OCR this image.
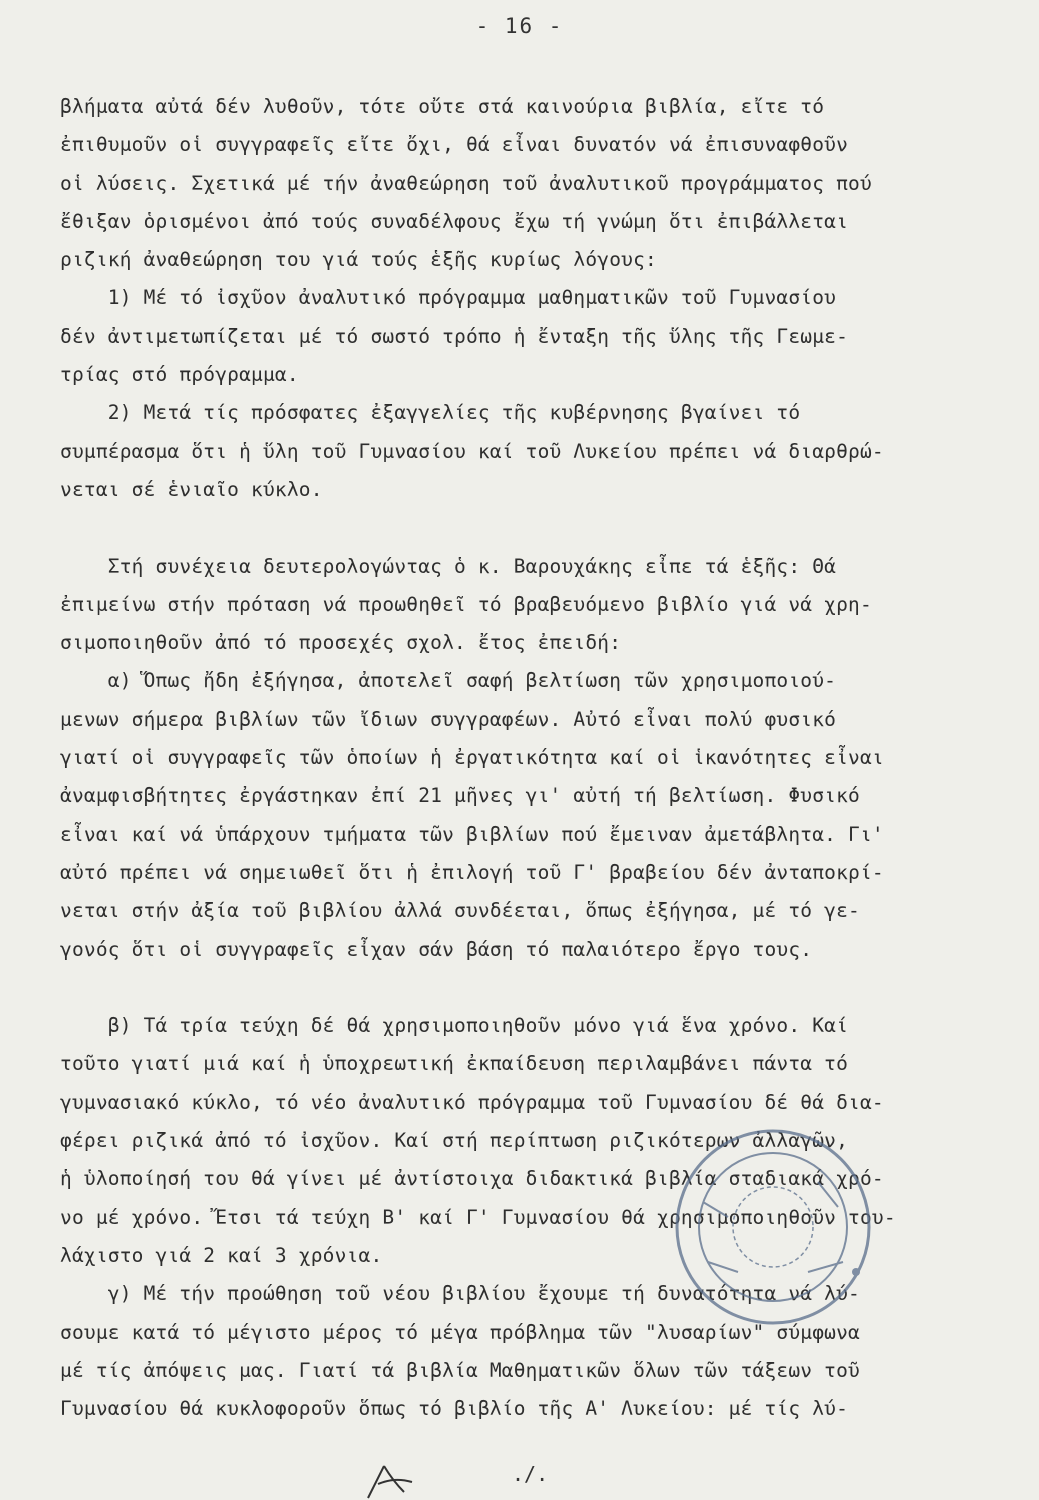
- 16 -
βλήματα αὐτά δέν λυθοῦν, τότε οὔτε στά καινούρια βιβλία, εἴτε τό
ἐπιθυμοῦν οἱ συγγραφεῖς εἴτε ὄχι, θά εἶναι δυνατόν νά ἐπισυναφθοῦν
οἱ λύσεις. Σχετικά μέ τήν ἀναθεώρηση τοῦ ἀναλυτικοῦ προγράμματος πού
ἔθιξαν ὁρισμένοι ἀπό τούς συναδέλφους ἔχω τή γνώμη ὅτι ἐπιβάλλεται
ριζική ἀναθεώρηση του γιά τούς ἑξῆς κυρίως λόγους:
1) Μέ τό ἰσχῦον ἀναλυτικό πρόγραμμα μαθηματικῶν τοῦ Γυμνασίου
δέν ἀντιμετωπίζεται μέ τό σωστό τρόπο ἡ ἔνταξη τῆς ὕλης τῆς Γεωμε-
τρίας στό πρόγραμμα.
2) Μετά τίς πρόσφατες ἐξαγγελίες τῆς κυβέρνησης βγαίνει τό
συμπέρασμα ὅτι ἡ ὕλη τοῦ Γυμνασίου καί τοῦ Λυκείου πρέπει νά διαρθρώ-
νεται σέ ἑνιαῖο κύκλο.
Στή συνέχεια δευτερολογώντας ὁ κ. Βαρουχάκης εἶπε τά ἑξῆς: Θά
ἐπιμείνω στήν πρόταση νά προωθηθεῖ τό βραβευόμενο βιβλίο γιά νά χρη-
σιμοποιηθοῦν ἀπό τό προσεχές σχολ. ἔτος ἐπειδή:
α) Ὅπως ἤδη ἐξήγησα, ἀποτελεῖ σαφή βελτίωση τῶν χρησιμοποιού-
μενων σήμερα βιβλίων τῶν ἴδιων συγγραφέων. Αὐτό εἶναι πολύ φυσικό
γιατί οἱ συγγραφεῖς τῶν ὁποίων ἡ ἐργατικότητα καί οἱ ἱκανότητες εἶναι
ἀναμφισβήτητες ἐργάστηκαν ἐπί 21 μῆνες γι' αὐτή τή βελτίωση. Φυσικό
εἶναι καί νά ὑπάρχουν τμήματα τῶν βιβλίων πού ἔμειναν ἀμετάβλητα. Γι'
αὐτό πρέπει νά σημειωθεῖ ὅτι ἡ ἐπιλογή τοῦ Γ' βραβείου δέν ἀνταποκρί-
νεται στήν ἀξία τοῦ βιβλίου ἀλλά συνδέεται, ὅπως ἐξήγησα, μέ τό γε-
γονός ὅτι οἱ συγγραφεῖς εἶχαν σάν βάση τό παλαιότερο ἔργο τους.
β) Τά τρία τεύχη δέ θά χρησιμοποιηθοῦν μόνο γιά ἕνα χρόνο. Καί
τοῦτο γιατί μιά καί ἡ ὑποχρεωτική ἐκπαίδευση περιλαμβάνει πάντα τό
γυμνασιακό κύκλο, τό νέο ἀναλυτικό πρόγραμμα τοῦ Γυμνασίου δέ θά δια-
φέρει ριζικά ἀπό τό ἰσχῦον. Καί στή περίπτωση ριζικότερων ἀλλαγῶν,
ἡ ὑλοποίησή του θά γίνει μέ ἀντίστοιχα διδακτικά βιβλία σταδιακά χρό-
νο μέ χρόνο. Ἔτσι τά τεύχη Β' καί Γ' Γυμνασίου θά χρησιμοποιηθοῦν του-
λάχιστο γιά 2 καί 3 χρόνια.
γ) Μέ τήν προώθηση τοῦ νέου βιβλίου ἔχουμε τή δυνατότητα νά λύ-
σουμε κατά τό μέγιστο μέρος τό μέγα πρόβλημα τῶν "λυσαρίων" σύμφωνα
μέ τίς ἀπόψεις μας. Γιατί τά βιβλία Μαθηματικῶν ὅλων τῶν τάξεων τοῦ
Γυμνασίου θά κυκλοφοροῦν ὅπως τό βιβλίο τῆς Α' Λυκείου: μέ τίς λύ-
./.
